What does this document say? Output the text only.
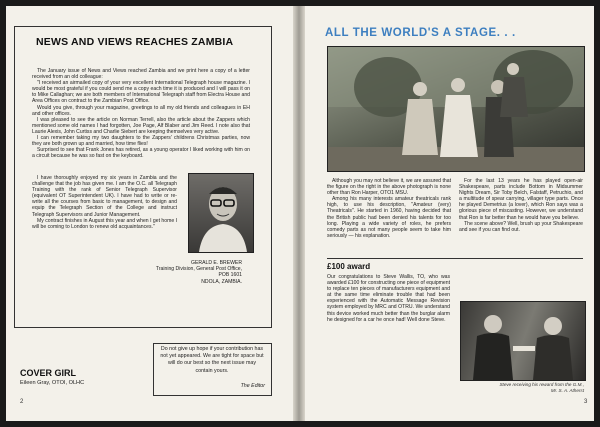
NEWS AND VIEWS REACHES ZAMBIA

The January issue of News and Views reached Zambia and we print here a copy of a letter received from an old colleague:

"I received an airmailed copy of your very excellent International Telegraph house magazine. I would be most grateful if you could send me a copy each time it is produced and I will pass it on to Mike Callaghan; we are both members of International Telegraph staff from Electra House and Area Offices on contract to the Zambian Post Office.

Would you give, through your magazine, greetings to all my old friends and colleagues in EH and other offices.

I was pleased to see the article on Norman Terrell, also the article about the Zappers which mentioned some old names I had forgotten, Joe Page, Alf Blaber and Jim Reed. I note also that Laurie Alexis, John Curtiss and Charlie Siebert are keeping themselves very active.

I can remember taking my two daughters to the Zappers' childrens Christmas parties, now they are both grown up and married, how time flies!

Surprised to see that Frank Jones has retired, as a young operator I liked working with him on a circuit because he was so fast on the keyboard.

I have thoroughly enjoyed my six years in Zambia and the challenge that the job has given me. I am the O.C. all Telegraph Training with the rank of Senior Telegraph Supervisor (equivalent OT Superintendent UK). I have had to write or re-write all the courses from basic to management, to design and equip the Telegraph Section of the College and instruct Telegraph Supervisors and Junior Management.

My contract finishes in August this year and when I get home I will be coming to London to renew old acquaintances."

GERALD E. BREWER
Training Division, General Post Office,
POB 1601
NDOLA, ZAMBIA.
Do not give up hope if your contribution has not yet appeared. We are tight for space but will do our best so the next issue may contain yours.
The Editor
COVER GIRL
Eileen Gray, OTOI, OLHC
2
ALL THE WORLD'S A STAGE. . .

Although you may not believe it, we are assured that the figure on the right in the above photograph is none other than Ron Harper, OTO1 MSU.

Among his many interests amateur theatricals rank high, to use his description, "Amateur (very) Theatricals". He started in 1960, having decided that the British public had been denied his talents for too long. Playing a wide variety of roles, he prefers comedy parts as not many people seem to take him seriously — his explanation.

For the last 13 years he has played open-air Shakespeare, parts include Bottom in Midsummer Nights Dream, Sir Toby Belch, Falstaff, Petruchio, and a multitude of spear carrying, villager type parts. Once he played Demetrius (a lover), which Ron says was a glorious piece of miscasting. However, we understand that Ron is far better than he would have you believe.

The scene above? Well, brush up your Shakespeare and see if you can find out.

£100 award
Our congratulations to Steve Wallis, TO, who was awarded £100 for constructing one piece of equipment to replace ten pieces of manufacturers equipment and at the same time eliminate trouble that had been experienced with the Automatic Message Revision system employed by MRC and OTRU. We understand this device worked much better than the burglar alarm he designed for a car he once had! Well done Steve.
Steve receiving his reward from the G.M.,
Mr. S. A. Atherst
3
